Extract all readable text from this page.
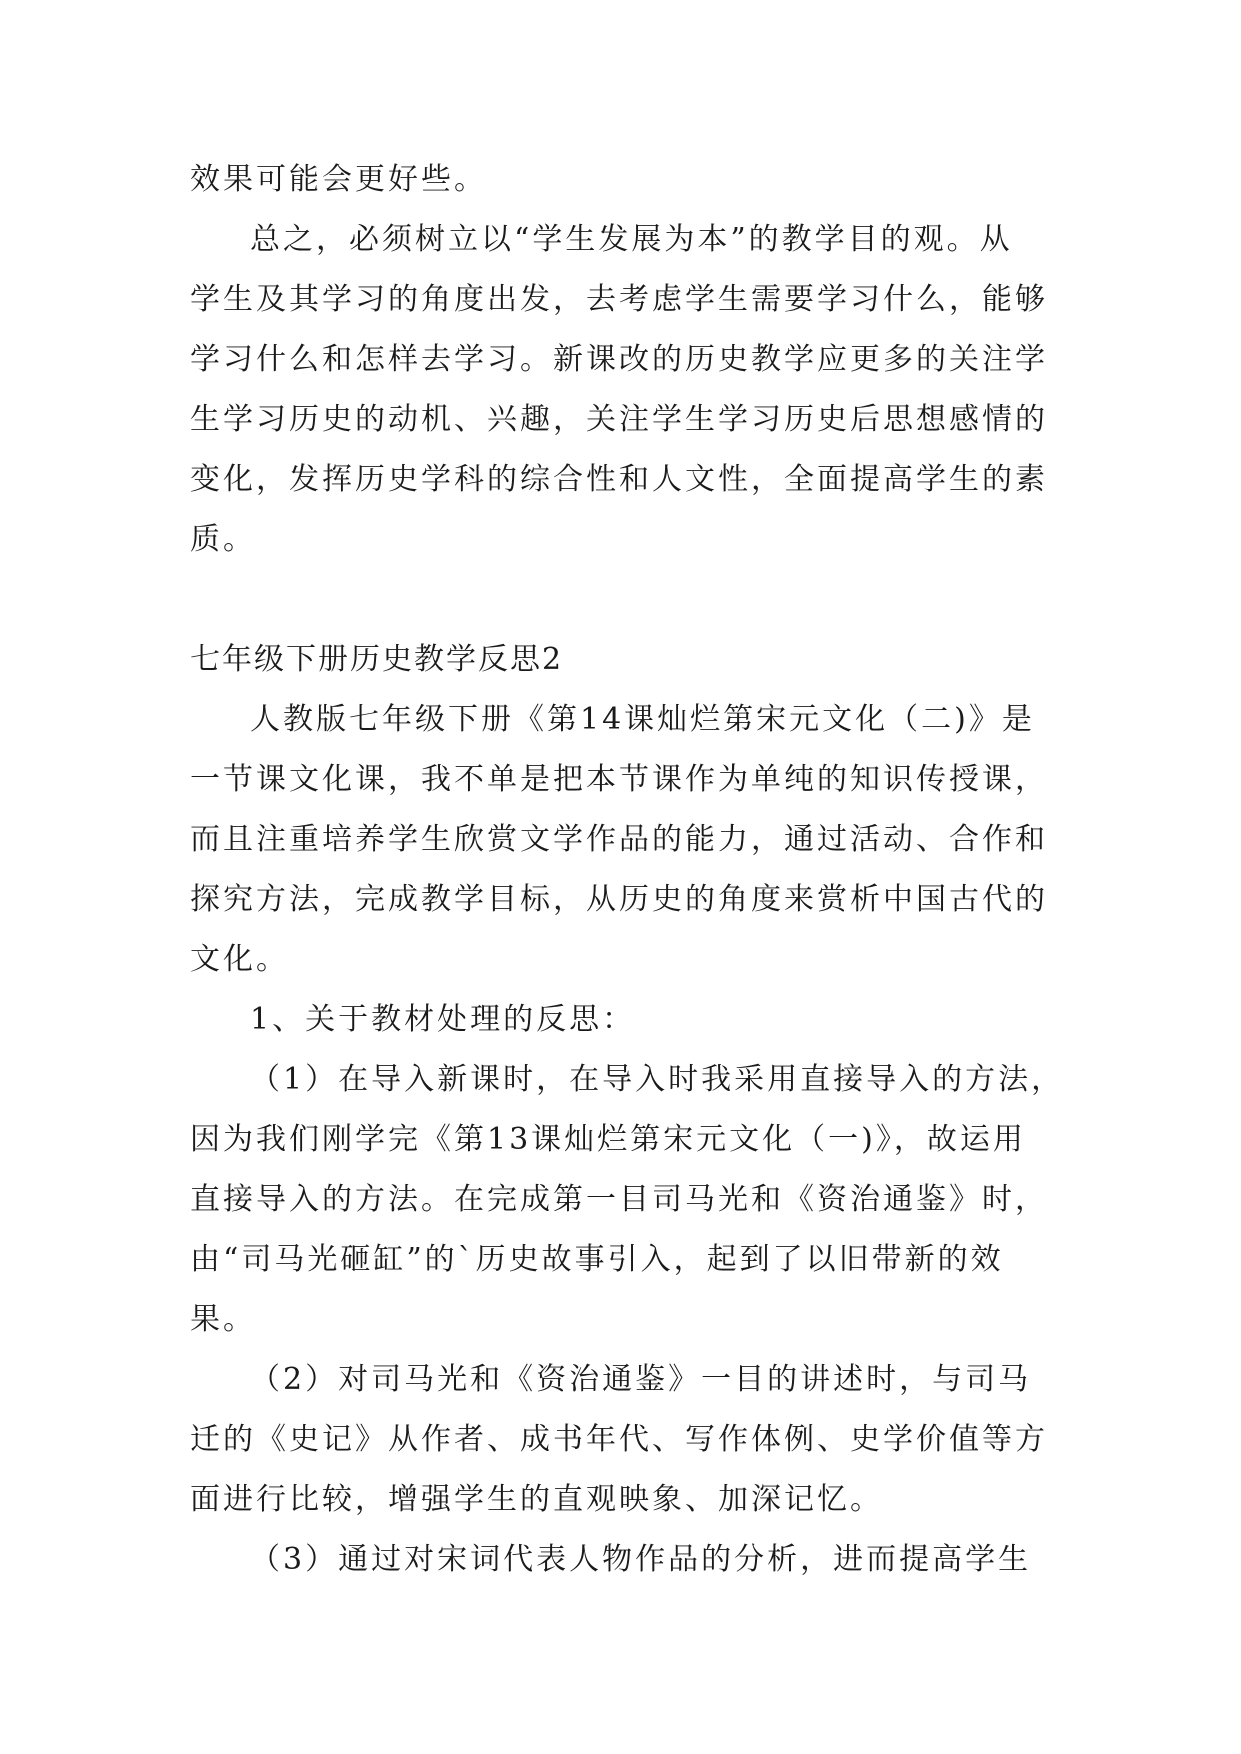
效果可能会更好些。
总之，必须树立以“学生发展为本”的教学目的观。从
学生及其学习的角度出发，去考虑学生需要学习什么，能够
学习什么和怎样去学习。新课改的历史教学应更多的关注学
生学习历史的动机、兴趣，关注学生学习历史后思想感情的
变化，发挥历史学科的综合性和人文性，全面提高学生的素
质。
七年级下册历史教学反思2
人教版七年级下册《第14课灿烂第宋元文化（二)》是
一节课文化课，我不单是把本节课作为单纯的知识传授课，
而且注重培养学生欣赏文学作品的能力，通过活动、合作和
探究方法，完成教学目标，从历史的角度来赏析中国古代的
文化。
1、关于教材处理的反思：
（1）在导入新课时，在导入时我采用直接导入的方法，
因为我们刚学完《第13课灿烂第宋元文化（一)》，故运用
直接导入的方法。在完成第一目司马光和《资治通鉴》时，
由“司马光砸缸”的`历史故事引入，起到了以旧带新的效
果。
（2）对司马光和《资治通鉴》一目的讲述时，与司马
迁的《史记》从作者、成书年代、写作体例、史学价值等方
面进行比较，增强学生的直观映象、加深记忆。
（3）通过对宋词代表人物作品的分析，进而提高学生
